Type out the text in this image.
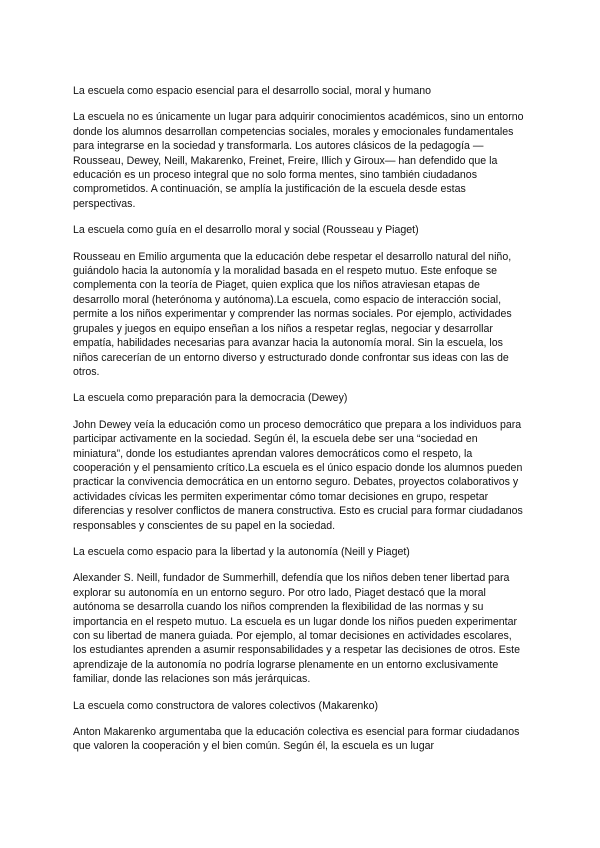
La escuela como espacio esencial para el desarrollo social, moral y humano

La escuela no es únicamente un lugar para adquirir conocimientos académicos, sino un entorno donde los alumnos desarrollan competencias sociales, morales y emocionales fundamentales para integrarse en la sociedad y transformarla. Los autores clásicos de la pedagogía —Rousseau, Dewey, Neill, Makarenko, Freinet, Freire, Illich y Giroux— han defendido que la educación es un proceso integral que no solo forma mentes, sino también ciudadanos comprometidos. A continuación, se amplía la justificación de la escuela desde estas perspectivas.

La escuela como guía en el desarrollo moral y social (Rousseau y Piaget)

Rousseau en Emilio argumenta que la educación debe respetar el desarrollo natural del niño, guiándolo hacia la autonomía y la moralidad basada en el respeto mutuo. Este enfoque se complementa con la teoría de Piaget, quien explica que los niños atraviesan etapas de desarrollo moral (heterónoma y autónoma).La escuela, como espacio de interacción social, permite a los niños experimentar y comprender las normas sociales. Por ejemplo, actividades grupales y juegos en equipo enseñan a los niños a respetar reglas, negociar y desarrollar empatía, habilidades necesarias para avanzar hacia la autonomía moral. Sin la escuela, los niños carecerían de un entorno diverso y estructurado donde confrontar sus ideas con las de otros.

La escuela como preparación para la democracia (Dewey)

John Dewey veía la educación como un proceso democrático que prepara a los individuos para participar activamente en la sociedad. Según él, la escuela debe ser una “sociedad en miniatura”, donde los estudiantes aprendan valores democráticos como el respeto, la cooperación y el pensamiento crítico.La escuela es el único espacio donde los alumnos pueden practicar la convivencia democrática en un entorno seguro. Debates, proyectos colaborativos y actividades cívicas les permiten experimentar cómo tomar decisiones en grupo, respetar diferencias y resolver conflictos de manera constructiva. Esto es crucial para formar ciudadanos responsables y conscientes de su papel en la sociedad.

La escuela como espacio para la libertad y la autonomía (Neill y Piaget)

Alexander S. Neill, fundador de Summerhill, defendía que los niños deben tener libertad para explorar su autonomía en un entorno seguro. Por otro lado, Piaget destacó que la moral autónoma se desarrolla cuando los niños comprenden la flexibilidad de las normas y su importancia en el respeto mutuo. La escuela es un lugar donde los niños pueden experimentar con su libertad de manera guiada. Por ejemplo, al tomar decisiones en actividades escolares, los estudiantes aprenden a asumir responsabilidades y a respetar las decisiones de otros. Este aprendizaje de la autonomía no podría lograrse plenamente en un entorno exclusivamente familiar, donde las relaciones son más jerárquicas.

La escuela como constructora de valores colectivos (Makarenko)

Anton Makarenko argumentaba que la educación colectiva es esencial para formar ciudadanos que valoren la cooperación y el bien común. Según él, la escuela es un lugar
